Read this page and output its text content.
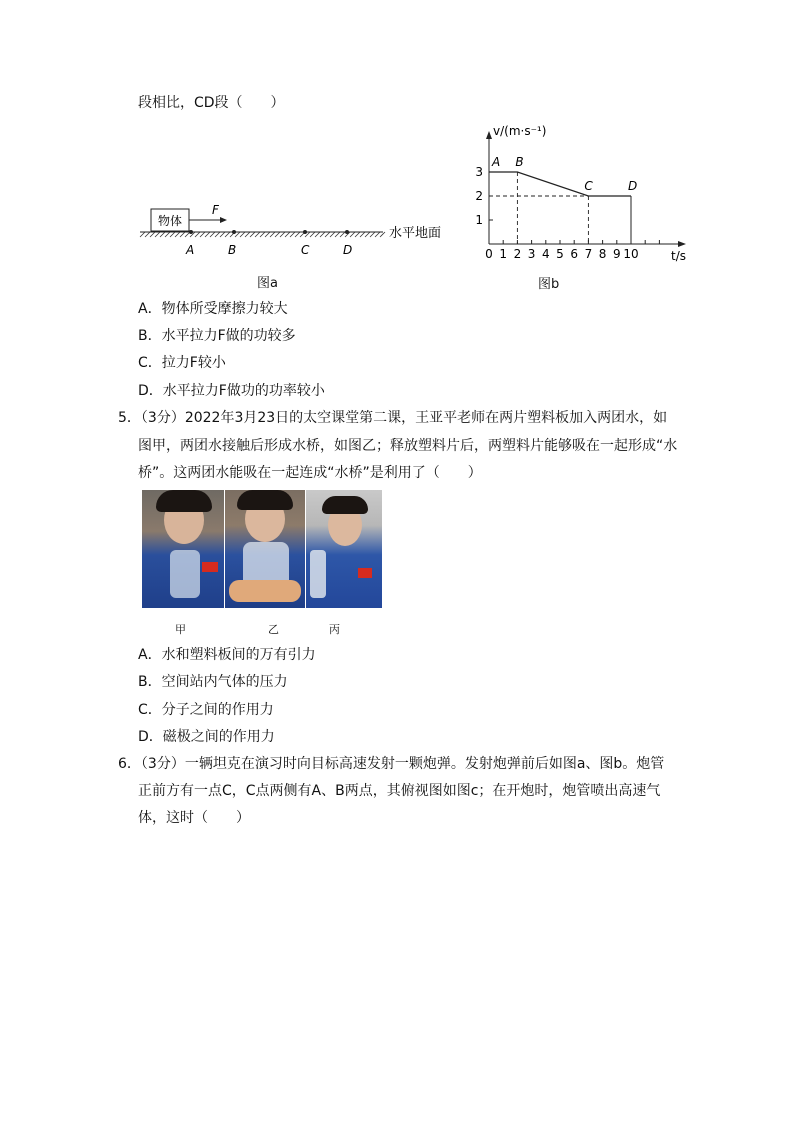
段相比，CD段（　　）
物体
F
A	B	C	D
水平地面
图a
v/(m·s⁻¹)
t/s
0 1 2 3 4 5 6 7 8 9 10
1
2
3
A B
C	D
图b
A．物体所受摩擦力较大
B．水平拉力F做的功较多
C．拉力F较小
D．水平拉力F做功的功率较小
5．（3分）2022年3月23日的太空课堂第二课，王亚平老师在两片塑料板加入两团水，如
图甲，两团水接触后形成水桥，如图乙；释放塑料片后，两塑料片能够吸在一起形成“水
桥”。这两团水能吸在一起连成“水桥”是利用了（　　）
甲	乙	丙
A．水和塑料板间的万有引力
B．空间站内气体的压力
C．分子之间的作用力
D．磁极之间的作用力
6．（3分）一辆坦克在演习时向目标高速发射一颗炮弹。发射炮弹前后如图a、图b。炮管
正前方有一点C，C点两侧有A、B两点，其俯视图如图c；在开炮时，炮管喷出高速气
体，这时（　　）
